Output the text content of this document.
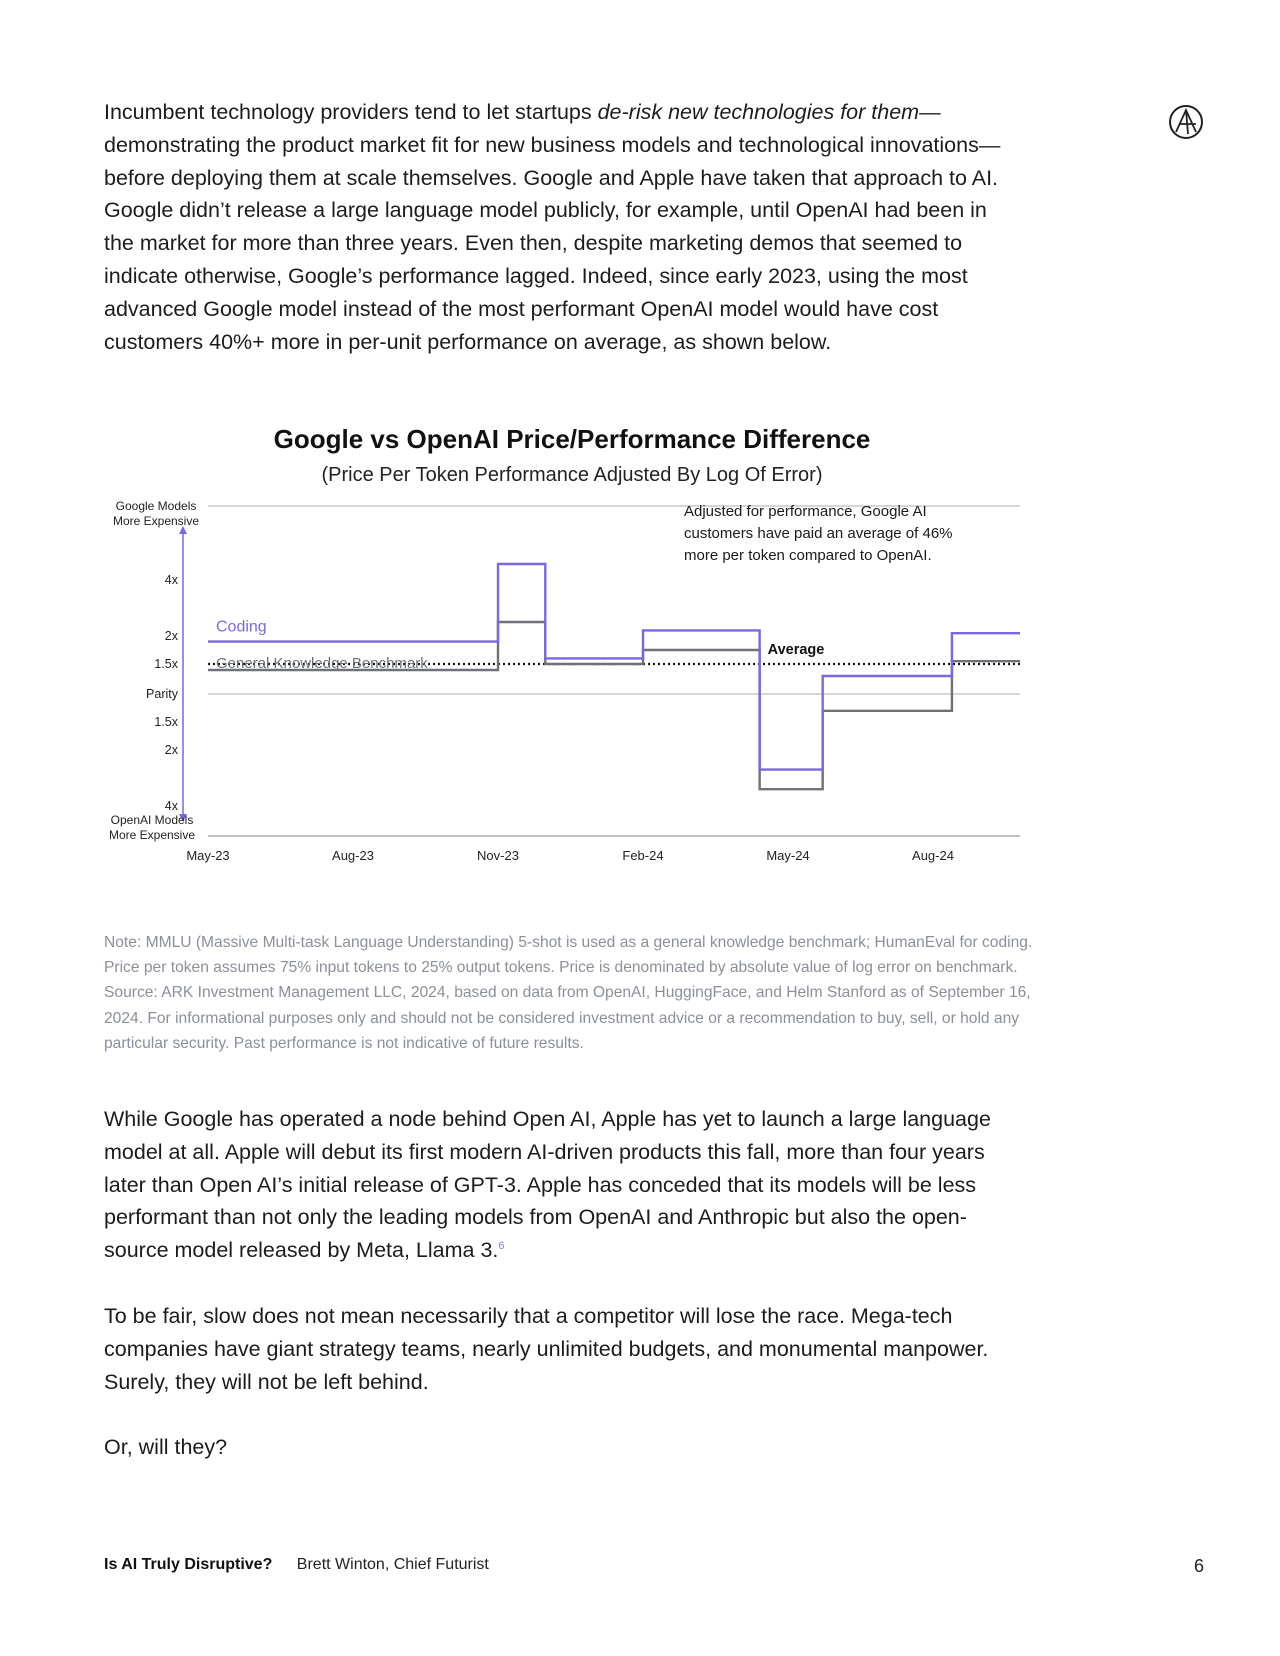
Incumbent technology providers tend to let startups de-risk new technologies for them—demonstrating the product market fit for new business models and technological innovations—before deploying them at scale themselves. Google and Apple have taken that approach to AI. Google didn’t release a large language model publicly, for example, until OpenAI had been in the market for more than three years. Even then, despite marketing demos that seemed to indicate otherwise, Google’s performance lagged. Indeed, since early 2023, using the most advanced Google model instead of the most performant OpenAI model would have cost customers 40%+ more in per-unit performance on average, as shown below.

Google vs OpenAI Price/Performance Difference
(Price Per Token Performance Adjusted By Log Of Error)
Google Models More Expensive
OpenAI Models More Expensive
4x
2x
1.5x
Parity
1.5x
2x
4x
May-23	Aug-23	Nov-23	Feb-24	May-24	Aug-24
Average
Coding
General Knowledge Benchmark
Adjusted for performance, Google AI customers have paid an average of 46% more per token compared to OpenAI.

Note: MMLU (Massive Multi-task Language Understanding) 5-shot is used as a general knowledge benchmark; HumanEval for coding. Price per token assumes 75% input tokens to 25% output tokens. Price is denominated by absolute value of log error on benchmark. Source: ARK Investment Management LLC, 2024, based on data from OpenAI, HuggingFace, and Helm Stanford as of September 16, 2024. For informational purposes only and should not be considered investment advice or a recommendation to buy, sell, or hold any particular security. Past performance is not indicative of future results.

While Google has operated a node behind Open AI, Apple has yet to launch a large language model at all. Apple will debut its first modern AI-driven products this fall, more than four years later than Open AI’s initial release of GPT-3. Apple has conceded that its models will be less performant than not only the leading models from OpenAI and Anthropic but also the open-source model released by Meta, Llama 3.$^6$

To be fair, slow does not mean necessarily that a competitor will lose the race. Mega-tech companies have giant strategy teams, nearly unlimited budgets, and monumental manpower. Surely, they will not be left behind.

Or, will they?

Is AI Truly Disruptive? Brett Winton, Chief Futurist	6
